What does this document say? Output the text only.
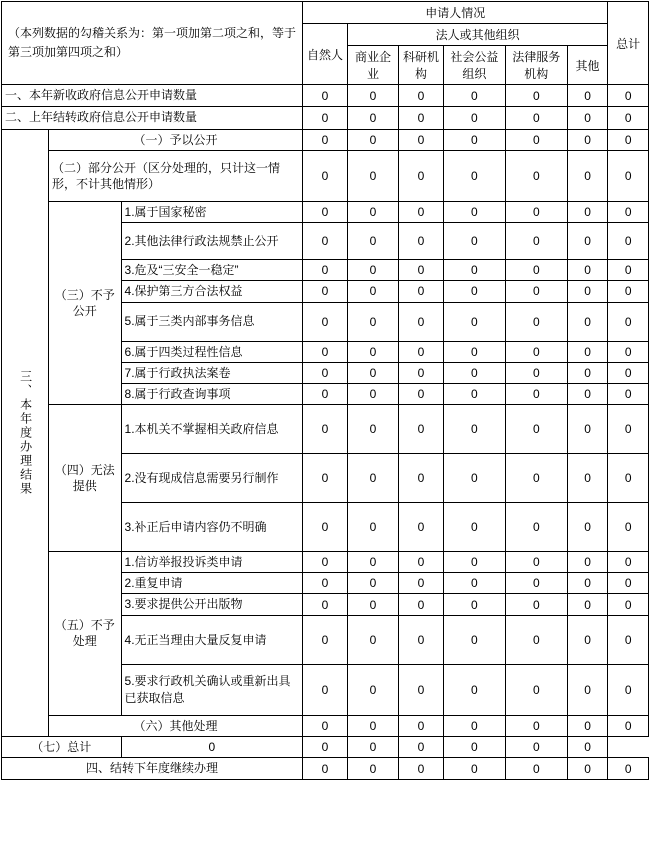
（本列数据的勾稽关系为：第一项加第二项之和，等于第三项加第四项之和）			申请人情况						总计
			自然人	法人或其他组织					
				商业企业	科研机构	社会公益组织	法律服务机构	其他	
一、本年新收政府信息公开申请数量			0	0	0	0	0	0	0
二、上年结转政府信息公开申请数量			0	0	0	0	0	0	0

三、本年度办理结果	（一）予以公开		0	0	0	0	0	0	0
	（二）部分公开（区分处理的，只计这一情形，不计其他情形）		0	0	0	0	0	0	0
	（三）不予公开	1.属于国家秘密	0	0	0	0	0	0	0
		2.其他法律行政法规禁止公开	0	0	0	0	0	0	0
		3.危及“三安全一稳定”	0	0	0	0	0	0	0
		4.保护第三方合法权益	0	0	0	0	0	0	0
		5.属于三类内部事务信息	0	0	0	0	0	0	0
		6.属于四类过程性信息	0	0	0	0	0	0	0
		7.属于行政执法案卷	0	0	0	0	0	0	0
		8.属于行政查询事项	0	0	0	0	0	0	0
	（四）无法提供	1.本机关不掌握相关政府信息	0	0	0	0	0	0	0
		2.没有现成信息需要另行制作	0	0	0	0	0	0	0
		3.补正后申请内容仍不明确	0	0	0	0	0	0	0
	（五）不予处理	1.信访举报投诉类申请	0	0	0	0	0	0	0
		2.重复申请	0	0	0	0	0	0	0
		3.要求提供公开出版物	0	0	0	0	0	0	0
		4.无正当理由大量反复申请	0	0	0	0	0	0	0
		5.要求行政机关确认或重新出具已获取信息	0	0	0	0	0	0	0
	（六）其他处理		0	0	0	0	0	0	0
（七）总计		0	0	0	0	0	0	0	
四、结转下年度继续办理			0	0	0	0	0	0	0
